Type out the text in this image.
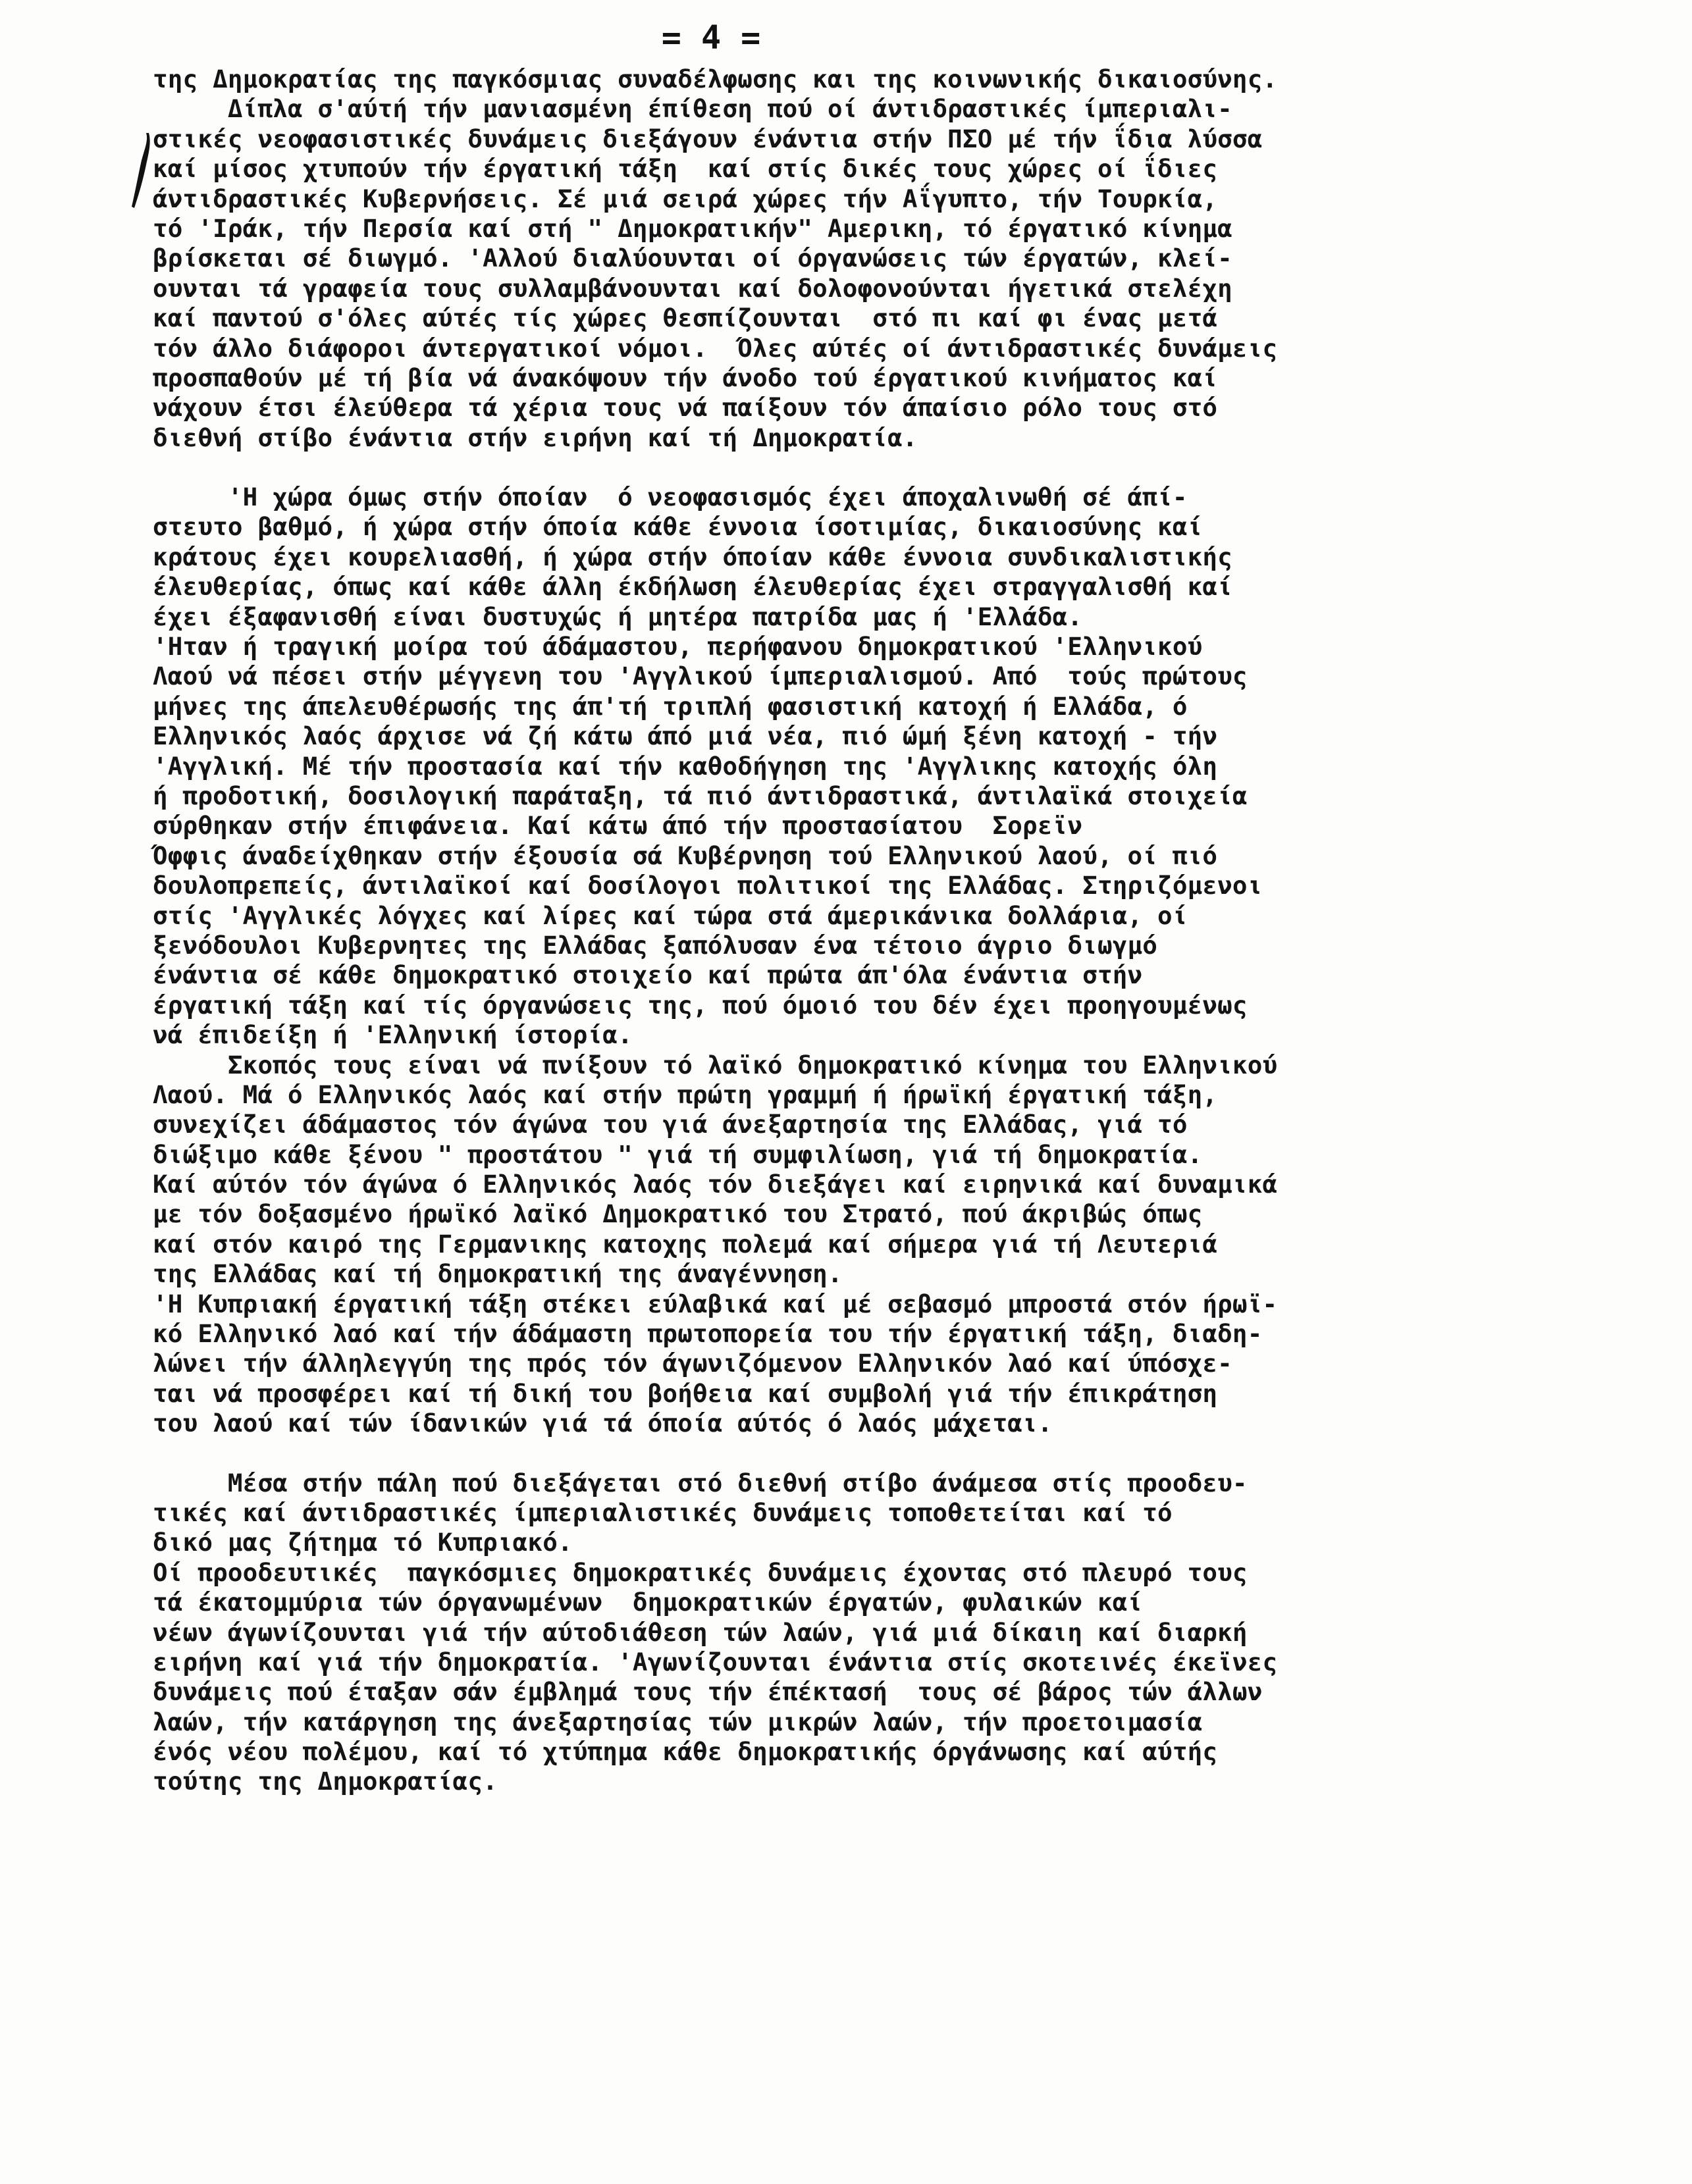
= 4 =
της Δημοκρατίας της παγκόσμιας συναδέλφωσης και της κοινωνικής δικαιοσύνης.
Δίπλα σ'αύτή τήν μανιασμένη έπίθεση πού οί άντιδραστικές ίμπεριαλι-
στικές νεοφασιστικές δυνάμεις διεξάγουν ένάντια στήν ΠΣΟ μέ τήν ΐδια λύσσα
καί μίσος χτυπούν τήν έργατική τάξη  καί στίς δικές τους χώρες οί ΐδιες
άντιδραστικές Κυβερνήσεις. Σέ μιά σειρά χώρες τήν Αΐγυπτο, τήν Τουρκία,
τό 'Ιράκ, τήν Περσία καί στή " Δημοκρατικήν" Αμερικη, τό έργατικό κίνημα
βρίσκεται σέ διωγμό. 'Αλλού διαλύουνται οί όργανώσεις τών έργατών, κλεί-
ουνται τά γραφεία τους συλλαμβάνουνται καί δολοφονούνται ήγετικά στελέχη
καί παντού σ'όλες αύτές τίς χώρες θεσπίζουνται  στό πι καί φι ένας μετά
τόν άλλο διάφοροι άντεργατικοί νόμοι.  Όλες αύτές οί άντιδραστικές δυνάμεις
προσπαθούν μέ τή βία νά άνακόψουν τήν άνοδο τού έργατικού κινήματος καί
νάχουν έτσι έλεύθερα τά χέρια τους νά παίξουν τόν άπαίσιο ρόλο τους στό
διεθνή στίβο ένάντια στήν ειρήνη καί τή Δημοκρατία.
'Η χώρα όμως στήν όποίαν  ό νεοφασισμός έχει άποχαλινωθή σέ άπί-
στευτο βαθμό, ή χώρα στήν όποία κάθε έννοια ίσοτιμίας, δικαιοσύνης καί
κράτους έχει κουρελιασθή, ή χώρα στήν όποίαν κάθε έννοια συνδικαλιστικής
έλευθερίας, όπως καί κάθε άλλη έκδήλωση έλευθερίας έχει στραγγαλισθή καί
έχει έξαφανισθή είναι δυστυχώς ή μητέρα πατρίδα μας ή 'Ελλάδα.
'Ηταν ή τραγική μοίρα τού άδάμαστου, περήφανου δημοκρατικού 'Ελληνικού
Λαού νά πέσει στήν μέγγενη του 'Αγγλικού ίμπεριαλισμού. Από  τούς πρώτους
μήνες της άπελευθέρωσής της άπ'τή τριπλή φασιστική κατοχή ή Ελλάδα, ό
Ελληνικός λαός άρχισε νά ζή κάτω άπό μιά νέα, πιό ώμή ξένη κατοχή - τήν
'Αγγλική. Μέ τήν προστασία καί τήν καθοδήγηση της 'Αγγλικης κατοχής όλη
ή προδοτική, δοσιλογική παράταξη, τά πιό άντιδραστικά, άντιλαϊκά στοιχεία
σύρθηκαν στήν έπιφάνεια. Καί κάτω άπό τήν προστασίατου  Σορεϊν
Όφφις άναδείχθηκαν στήν έξουσία σά Κυβέρνηση τού Ελληνικού λαού, οί πιό
δουλοπρεπείς, άντιλαϊκοί καί δοσίλογοι πολιτικοί της Ελλάδας. Στηριζόμενοι
στίς 'Αγγλικές λόγχες καί λίρες καί τώρα στά άμερικάνικα δολλάρια, οί
ξενόδουλοι Κυβερνητες της Ελλάδας ξαπόλυσαν ένα τέτοιο άγριο διωγμό
ένάντια σέ κάθε δημοκρατικό στοιχείο καί πρώτα άπ'όλα ένάντια στήν
έργατική τάξη καί τίς όργανώσεις της, πού όμοιό του δέν έχει προηγουμένως
νά έπιδείξη ή 'Ελληνική ίστορία.
Σκοπός τους είναι νά πνίξουν τό λαϊκό δημοκρατικό κίνημα του Ελληνικού
Λαού. Μά ό Ελληνικός λαός καί στήν πρώτη γραμμή ή ήρωϊκή έργατική τάξη,
συνεχίζει άδάμαστος τόν άγώνα του γιά άνεξαρτησία της Ελλάδας, γιά τό
διώξιμο κάθε ξένου " προστάτου " γιά τή συμφιλίωση, γιά τή δημοκρατία.
Καί αύτόν τόν άγώνα ό Ελληνικός λαός τόν διεξάγει καί ειρηνικά καί δυναμικά
με τόν δοξασμένο ήρωϊκό λαϊκό Δημοκρατικό του Στρατό, πού άκριβώς όπως
καί στόν καιρό της Γερμανικης κατοχης πολεμά καί σήμερα γιά τή Λευτεριά
της Ελλάδας καί τή δημοκρατική της άναγέννηση.
'Η Κυπριακή έργατική τάξη στέκει εύλαβικά καί μέ σεβασμό μπροστά στόν ήρωϊ-
κό Ελληνικό λαό καί τήν άδάμαστη πρωτοπορεία του τήν έργατική τάξη, διαδη-
λώνει τήν άλληλεγγύη της πρός τόν άγωνιζόμενον Ελληνικόν λαό καί ύπόσχε-
ται νά προσφέρει καί τή δική του βοήθεια καί συμβολή γιά τήν έπικράτηση
του λαού καί τών ίδανικών γιά τά όποία αύτός ό λαός μάχεται.
Μέσα στήν πάλη πού διεξάγεται στό διεθνή στίβο άνάμεσα στίς προοδευ-
τικές καί άντιδραστικές ίμπεριαλιστικές δυνάμεις τοποθετείται καί τό
δικό μας ζήτημα τό Κυπριακό.
Οί προοδευτικές  παγκόσμιες δημοκρατικές δυνάμεις έχοντας στό πλευρό τους
τά έκατομμύρια τών όργανωμένων  δημοκρατικών έργατών, φυλαικών καί
νέων άγωνίζουνται γιά τήν αύτοδιάθεση τών λαών, γιά μιά δίκαιη καί διαρκή
ειρήνη καί γιά τήν δημοκρατία. 'Αγωνίζουνται ένάντια στίς σκοτεινές έκεϊνες
δυνάμεις πού έταξαν σάν έμβλημά τους τήν έπέκτασή  τους σέ βάρος τών άλλων
λαών, τήν κατάργηση της άνεξαρτησίας τών μικρών λαών, τήν προετοιμασία
ένός νέου πολέμου, καί τό χτύπημα κάθε δημοκρατικής όργάνωσης καί αύτής
τούτης της Δημοκρατίας.
